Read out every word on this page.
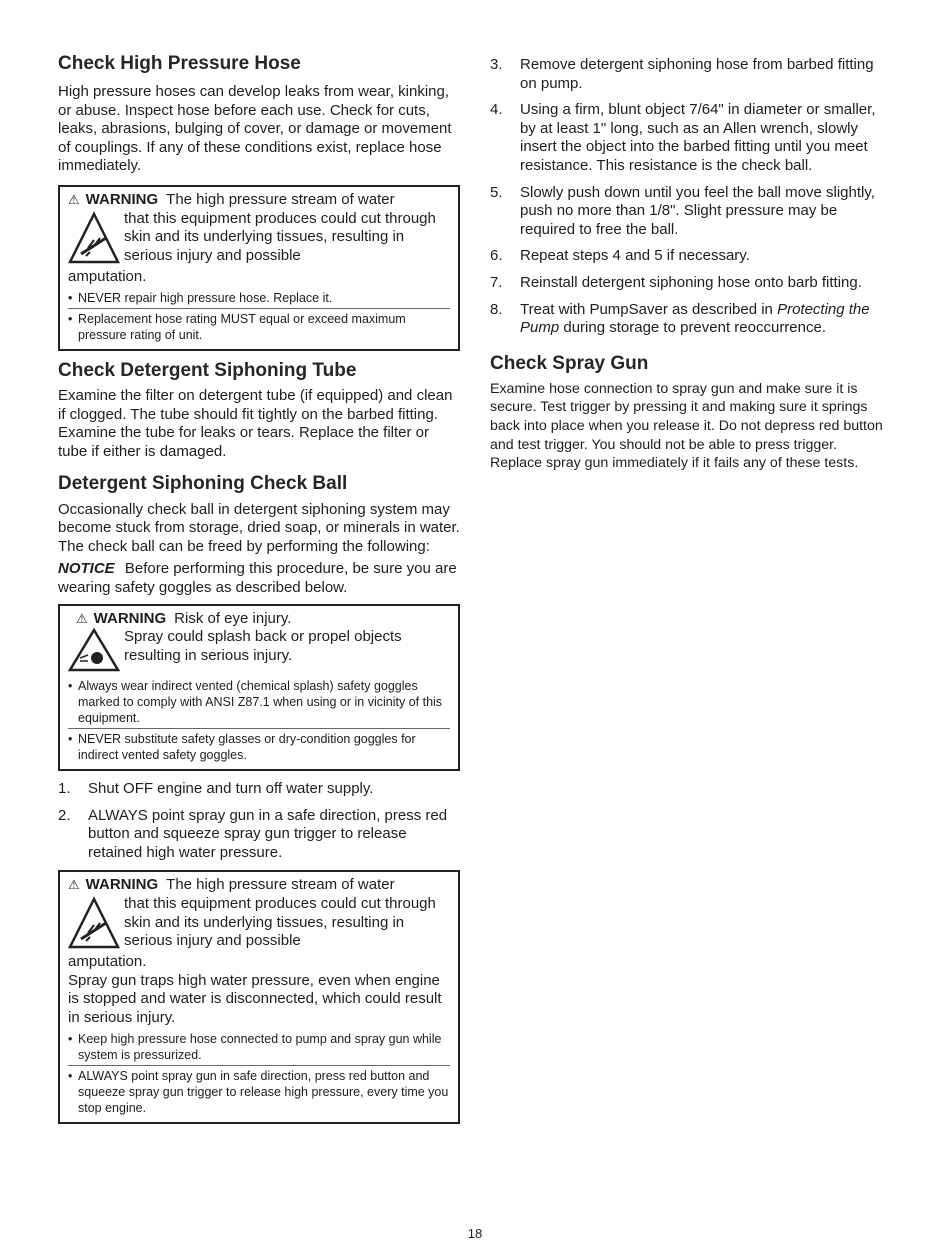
Check High Pressure Hose

High pressure hoses can develop leaks from wear, kinking, or abuse. Inspect hose before each use. Check for cuts, leaks, abrasions, bulging of cover, or damage or movement of couplings. If any of these conditions exist, replace hose immediately.

⚠ WARNING The high pressure stream of water
that this equipment produces could cut through skin and its underlying tissues, resulting in serious injury and possible
amputation.
• NEVER repair high pressure hose. Replace it.
• Replacement hose rating MUST equal or exceed maximum pressure rating of unit.
Check Detergent Siphoning Tube

Examine the filter on detergent tube (if equipped) and clean if clogged. The tube should fit tightly on the barbed fitting. Examine the tube for leaks or tears. Replace the filter or tube if either is damaged.

Detergent Siphoning Check Ball

Occasionally check ball in detergent siphoning system may become stuck from storage, dried soap, or minerals in water. The check ball can be freed by performing the following:

NOTICE Before performing this procedure, be sure you are wearing safety goggles as described below.

⚠ WARNING Risk of eye injury.
Spray could splash back or propel objects resulting in serious injury.
• Always wear indirect vented (chemical splash) safety goggles marked to comply with ANSI Z87.1 when using or in vicinity of this equipment.
• NEVER substitute safety glasses or dry-condition goggles for indirect vented safety goggles.
1.	Shut OFF engine and turn off water supply.
2.	ALWAYS point spray gun in a safe direction, press red button and squeeze spray gun trigger to release retained high water pressure.
⚠ WARNING The high pressure stream of water
that this equipment produces could cut through skin and its underlying tissues, resulting in serious injury and possible
amputation.
Spray gun traps high water pressure, even when engine is stopped and water is disconnected, which could result in serious injury.
• Keep high pressure hose connected to pump and spray gun while system is pressurized.
• ALWAYS point spray gun in safe direction, press red button and squeeze spray gun trigger to release high pressure, every time you stop engine.
3.	Remove detergent siphoning hose from barbed fitting on pump.
4.	Using a firm, blunt object 7/64" in diameter or smaller, by at least 1" long, such as an Allen wrench, slowly insert the object into the barbed fitting until you meet resistance. This resistance is the check ball.
5.	Slowly push down until you feel the ball move slightly, push no more than 1/8". Slight pressure may be required to free the ball.
6.	Repeat steps 4 and 5 if necessary.
7.	Reinstall detergent siphoning hose onto barb fitting.
8.	Treat with PumpSaver as described in Protecting the Pump during storage to prevent reoccurrence.
Check Spray Gun

Examine hose connection to spray gun and make sure it is secure. Test trigger by pressing it and making sure it springs back into place when you release it. Do not depress red button and test trigger. You should not be able to press trigger. Replace spray gun immediately if it fails any of these tests.

18
